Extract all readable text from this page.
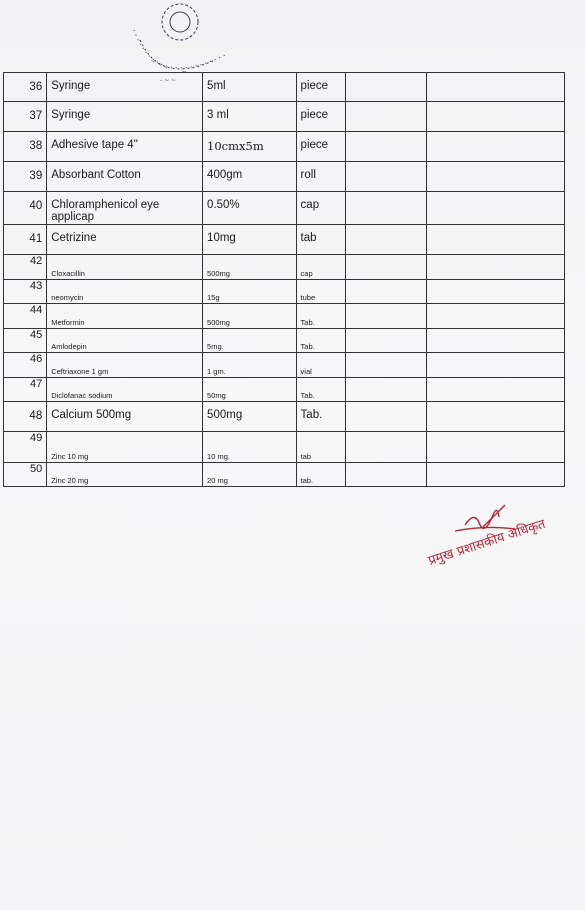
~ ~ ~
~ ~
- ~ ~
36	Syringe	5ml	piece		
37	Syringe	3 ml	piece		
38	Adhesive tape 4"	10cmx5m	piece		
39	Absorbant Cotton	400gm	roll		
40	Chloramphenicol eye applicap	0.50%	cap		
41	Cetrizine	10mg	tab		
42	Cloxacillin	500mg	cap		
43	neomycin	15g	tube		
44	Metformin	500mg	Tab.		
45	Amlodepin	5mg.	Tab.		
46	Ceftriaxone 1 gm	1 gm.	vial		
47	Diclofanac sodium	50mg	Tab.		
48	Calcium 500mg	500mg	Tab.		
49	Zinc 10 mg	10 mg.	tab		
50	Zinc 20 mg	20 mg	tab.		
प्रमुख प्रशासकीय अधिकृत
